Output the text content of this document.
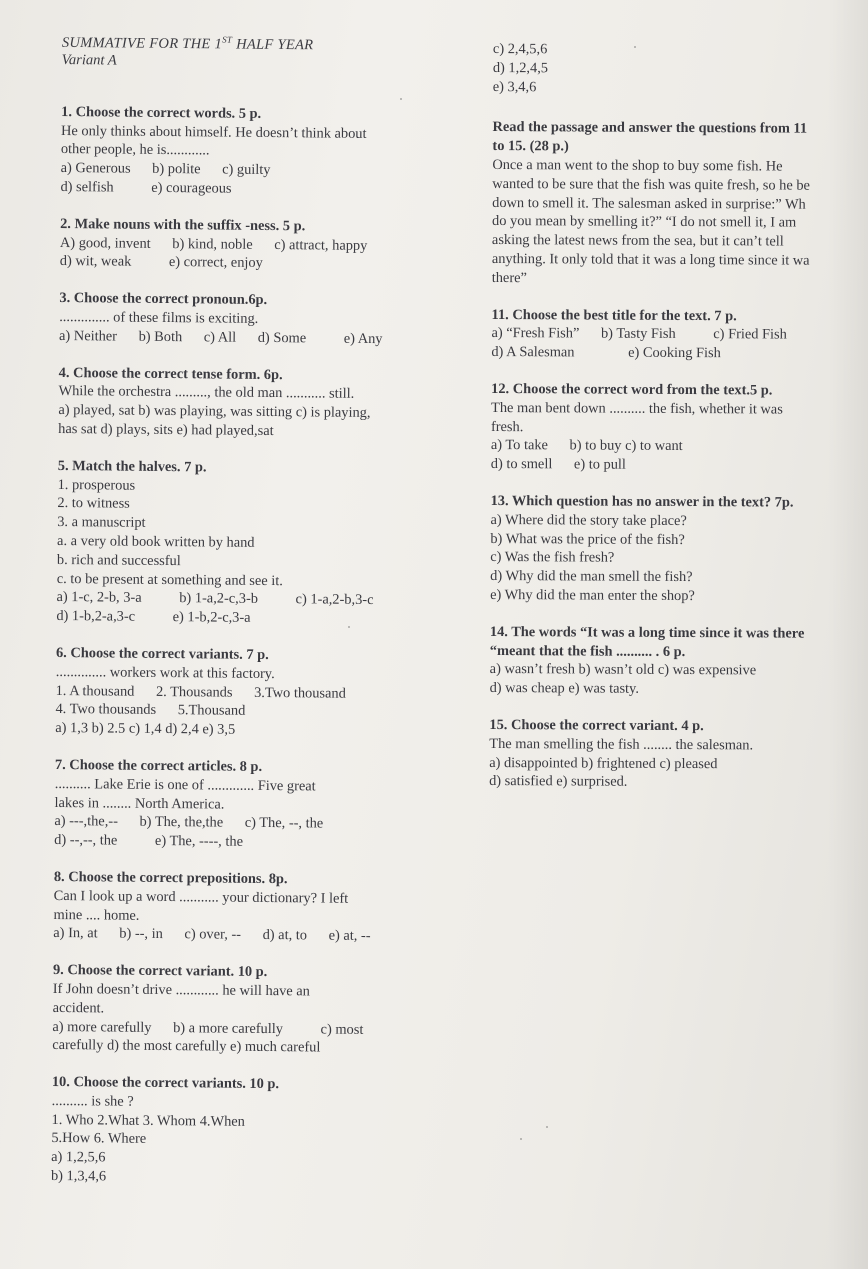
SUMMATIVE FOR THE 1ST HALF YEAR
Variant A
1. Choose the correct words. 5 p.
He only thinks about himself. He doesn’t think about
other people, he is............
a) Generous b) polite c) guilty
d) selfish	e) courageous
2. Make nouns with the suffix -ness. 5 p.
A) good, invent b) kind, noble c) attract, happy
d) wit, weak	e) correct, enjoy
3. Choose the correct pronoun.6p.
.............. of these films is exciting.
a) Neither b) Both c) All d) Some	e) Any
4. Choose the correct tense form. 6p.
While the orchestra ........., the old man ........... still.
a) played, sat b) was playing, was sitting c) is playing,
has sat d) plays, sits e) had played,sat
5. Match the halves. 7 p.
1. prosperous
2. to witness
3. a manuscript
a. a very old book written by hand
b. rich and successful
c. to be present at something and see it.
a) 1-c, 2-b, 3-a	b) 1-a,2-c,3-b	c) 1-a,2-b,3-c
d) 1-b,2-a,3-c	e) 1-b,2-c,3-a
6. Choose the correct variants. 7 p.
.............. workers work at this factory.
1. A thousand 2. Thousands 3.Two thousand
4. Two thousands 5.Thousand
a) 1,3 b) 2.5 c) 1,4 d) 2,4 e) 3,5
7. Choose the correct articles. 8 p.
.......... Lake Erie is one of ............. Five great
lakes in ........ North America.
a) ---,the,-- b) The, the,the c) The, --, the
d) --,--, the	e) The, ----, the
8. Choose the correct prepositions. 8p.
Can I look up a word ........... your dictionary? I left
mine .... home.
a) In, at b) --, in c) over, -- d) at, to e) at, --
9. Choose the correct variant. 10 p.
If John doesn’t drive ............ he will have an
accident.
a) more carefully b) a more carefully	c) most
carefully d) the most carefully e) much careful
10. Choose the correct variants. 10 p.
.......... is she ?
1. Who 2.What 3. Whom 4.When
5.How 6. Where
a) 1,2,5,6
b) 1,3,4,6
c) 2,4,5,6
d) 1,2,4,5
e) 3,4,6
Read the passage and answer the questions from 11
to 15. (28 p.)
Once a man went to the shop to buy some fish. He
wanted to be sure that the fish was quite fresh, so he be
down to smell it. The salesman asked in surprise:” Wh
do you mean by smelling it?” “I do not smell it, I am
asking the latest news from the sea, but it can’t tell
anything. It only told that it was a long time since it wa
there”
11. Choose the best title for the text. 7 p.
a) “Fresh Fish” b) Tasty Fish	c) Fried Fish
d) A Salesman	e) Cooking Fish
12. Choose the correct word from the text.5 p.
The man bent down .......... the fish, whether it was
fresh.
a) To take b) to buy c) to want
d) to smell e) to pull
13. Which question has no answer in the text? 7p.
a) Where did the story take place?
b) What was the price of the fish?
c) Was the fish fresh?
d) Why did the man smell the fish?
e) Why did the man enter the shop?
14. The words “It was a long time since it was there
“meant that the fish .......... . 6 p.
a) wasn’t fresh b) wasn’t old c) was expensive
d) was cheap e) was tasty.
15. Choose the correct variant. 4 p.
The man smelling the fish ........ the salesman.
a) disappointed b) frightened c) pleased
d) satisfied e) surprised.
